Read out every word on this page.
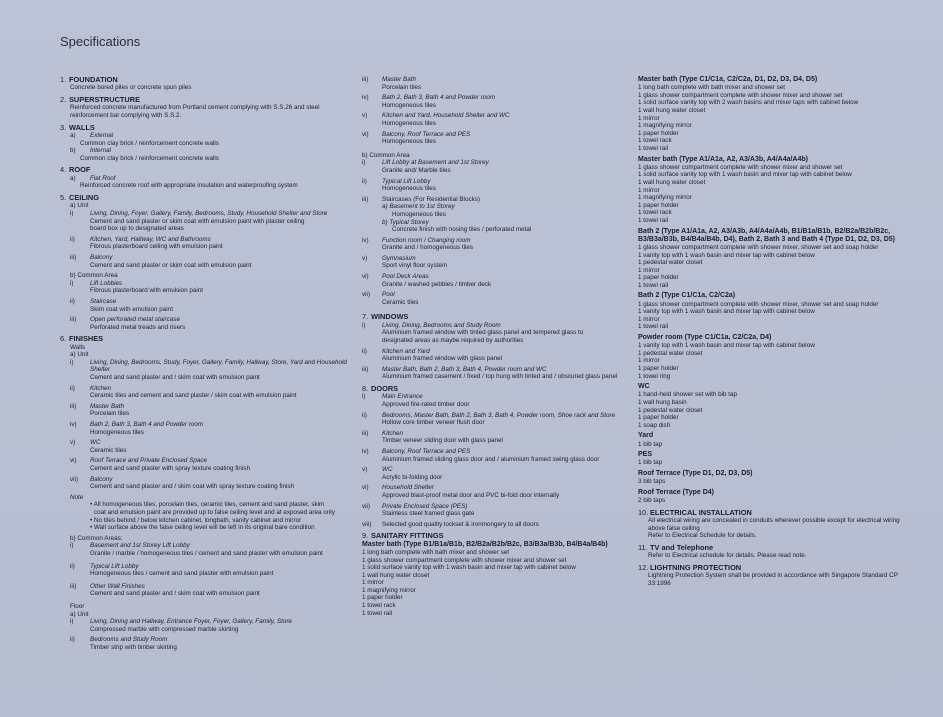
Specifications
1. FOUNDATION
Concrete bored piles or concrete spun piles
2. SUPERSTRUCTURE
Reinforced concrete manufactured from Portland cement complying with S.S.26 and steel
reinforcement bar complying with S.S.2.
3. WALLS
a)	External
Common clay brick / reinforcement concrete walls
b)	Internal
Common clay brick / reinforcement concrete walls
4. ROOF
a)	Flat Roof
Reinforced concrete roof with appropriate insulation and waterproofing system
5. CEILING
a) Unit
i)	Living, Dining, Foyer, Gallery, Family, Bedrooms, Study, Household Shelter and Store
Cement and sand plaster or skim coat with emulsion paint with plaster ceiling
board box up to designated areas
ii)	Kitchen, Yard, Hallway, WC and Bathrooms
Fibrous plasterboard ceiling with emulsion paint
iii)	Balcony
Cement and sand plaster or skim coat with emulsion paint
b) Common Area
i)	Lift Lobbies
Fibrous plasterboard with emulsion paint
ii)	Staircase
Skim coat with emulsion paint
iii)	Open perforated metal staircase
Perforated metal treads and risers
6. FINISHES
Walls
a) Unit
i)	Living, Dining, Bedrooms, Study, Foyer, Gallery, Family, Hallway, Store, Yard and Household Shelter
Cement and sand plaster and / skim coat with emulsion paint
ii)	Kitchen
Ceramic tiles and cement and sand plaster / skim coat with emulsion paint
iii)	Master Bath
Porcelain tiles
iv)	Bath 2, Bath 3, Bath 4 and Powder room
Homogeneous tiles
v)	WC
Ceramic tiles
vi)	Roof Terrace and Private Enclosed Space
Cement and sand plaster with spray texture coating finish
vii)	Balcony
Cement and sand plaster and / skim coat with spray texture coating finish
Note
• All homogeneous tiles, porcelain tiles, ceramic tiles, cement and sand plaster, skim
coat and emulsion paint are provided up to false ceiling level and at exposed area only
• No tiles behind / below kitchen cabinet, longbath, vanity cabinet and mirror
• Wall surface above the false ceiling level will be left in its original bare condition
b) Common Areas:
i)	Basement and 1st Storey Lift Lobby
Granite / marble / homogeneous tiles / cement and sand plaster with emulsion paint
ii)	Typical Lift Lobby
Homogeneous tiles / cement and sand plaster with emulsion paint
iii)	Other Wall Finishes
Cement and sand plaster and / skim coat with emulsion paint
Floor
a) Unit
i)	Living, Dining and Hallway, Entrance Foyer, Foyer, Gallery, Family, Store
Compressed marble with compressed marble skirting
ii)	Bedrooms and Study Room
Timber strip with timber skirting
iii)	Master Bath
Porcelain tiles
iv)	Bath 2, Bath 3, Bath 4 and Powder room
Homogeneous tiles
v)	Kitchen and Yard, Household Shelter and WC
Homogeneous tiles
vi)	Balcony, Roof Terrace and PES
Homogeneous tiles
b) Common Area
i)	Lift Lobby at Basement and 1st Storey
Granite and/ Marble tiles
ii)	Typical Lift Lobby
Homogeneous tiles
iii)	Staircases (For Residential Blocks)
a) Basement to 1st Storey
Homogeneous tiles
b) Typical Storey
Concrete finish with nosing tiles / perforated metal
iv)	Function room / Changing room
Granite and / homogeneous tiles
v)	Gymnasium
Sport vinyl floor system
vi)	Pool Deck Areas
Granite / washed pebbles / timber deck
vii)	Pool
Ceramic tiles
7. WINDOWS
i)	Living, Dining, Bedrooms and Study Room
Aluminium framed window with tinted glass panel and tempered glass to
designated areas as maybe required by authorities
ii)	Kitchen and Yard
Aluminium framed window with glass panel
iii)	Master Bath, Bath 2, Bath 3, Bath 4, Powder room and WC
Aluminium framed casement / fixed / top hung with tinted and / obscured glass panel
8. DOORS
i)	Main Entrance
Approved fire-rated timber door
ii)	Bedrooms, Master Bath, Bath 2, Bath 3, Bath 4, Powder room, Shoe rack and Store
Hollow core timber veneer flush door
iii)	Kitchen
Timber veneer sliding door with glass panel
iv)	Balcony, Roof Terrace and PES
Aluminium framed sliding glass door and / aluminium framed swing glass door
v)	WC
Acrylic bi-folding door
vi)	Household Shelter
Approved blast-proof metal door and PVC bi-fold door internally
vii)	Private Enclosed Space (PES)
Stainless steel framed glass gate
viii)	Selected good quality lockset & ironmongery to all doors
9. SANITARY FITTINGS
Master bath (Type B1/B1a/B1b, B2/B2a/B2b/B2c, B3/B3a/B3b, B4/B4a/B4b)
1 long bath complete with bath mixer and shower set
1 glass shower compartment complete with shower mixer and shower set
1 solid surface vanity top with 1 wash basin and mixer tap with cabinet below
1 wall hung water closet
1 mirror
1 magnifying mirror
1 paper holder
1 towel rack
1 towel rail
Master bath (Type C1/C1a, C2/C2a, D1, D2, D3, D4, D5)
1 long bath complete with bath mixer and shower set
1 glass shower compartment complete with shower mixer and shower set
1 solid surface vanity top with 2 wash basins and mixer taps with cabinet below
1 wall hung water closet
1 mirror
1 magnifying mirror
1 paper holder
1 towel rack
1 towel rail
Master bath (Type A1/A1a, A2, A3/A3b, A4/A4a/A4b)
1 glass shower compartment complete with shower mixer and shower set
1 solid surface vanity top with 1 wash basin and mixer tap with cabinet below
1 wall hung water closet
1 mirror
1 magnifying mirror
1 paper holder
1 towel rack
1 towel rail
Bath 2 (Type A1/A1a, A2, A3/A3b, A4/A4a/A4b, B1/B1a/B1b, B2/B2a/B2b/B2c, B3/B3a/B3b, B4/B4a/B4b, D4), Bath 2, Bath 3 and Bath 4 (Type D1, D2, D3, D5)
1 glass shower compartment complete with shower mixer, shower set and soap holder
1 vanity top with 1 wash basin and mixer tap with cabinet below
1 pedestal water closet
1 mirror
1 paper holder
1 towel rail
Bath 2 (Type C1/C1a, C2/C2a)
1 glass shower compartment complete with shower mixer, shower set and soap holder
1 vanity top with 1 wash basin and mixer tap with cabinet below
1 mirror
1 towel rail
Powder room (Type C1/C1a, C2/C2a, D4)
1 vanity top with 1 wash basin and mixer tap with cabinet below
1 pedestal water closet
1 mirror
1 paper holder
1 towel ring
WC
1 hand-held shower set with bib tap
1 wall hung basin
1 pedestal water closet
1 paper holder
1 soap dish
Yard
1 bib tap
PES
1 bib tap
Roof Terrace (Type D1, D2, D3, D5)
3 bib taps
Roof Terrace (Type D4)
2 bib taps
10. ELECTRICAL INSTALLATION
All electrical wiring are concealed in conduits wherever possible except for electrical wiring
above false ceiling
Refer to Electrical Schedule for details.
11. TV and Telephone
Refer to Electrical schedule for details. Please read note.
12. LIGHTNING PROTECTION
Lightning Protection System shall be provided in accordance with Singapore Standard CP
33:1996
